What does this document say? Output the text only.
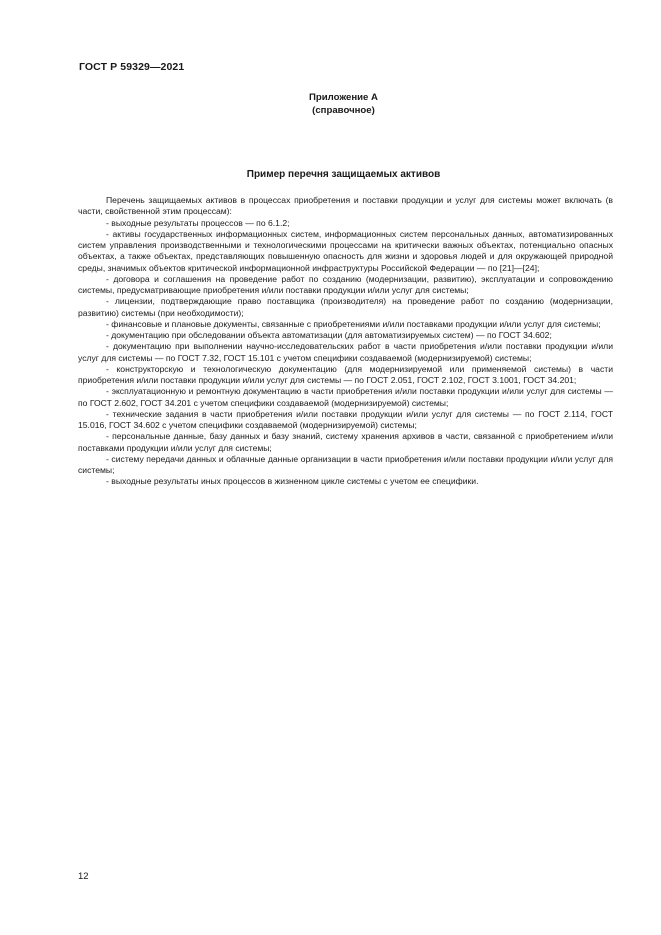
ГОСТ Р 59329—2021
Приложение А
(справочное)
Пример перечня защищаемых активов

Перечень защищаемых активов в процессах приобретения и поставки продукции и услуг для системы может включать (в части, свойственной этим процессам):

- выходные результаты процессов — по 6.1.2;

- активы государственных информационных систем, информационных систем персональных данных, автоматизированных систем управления производственными и технологическими процессами на критически важных объектах, потенциально опасных объектах, а также объектах, представляющих повышенную опасность для жизни и здоровья людей и для окружающей природной среды, значимых объектов критической информационной инфраструктуры Российской Федерации — по [21]—[24];

- договора и соглашения на проведение работ по созданию (модернизации, развитию), эксплуатации и сопровождению системы, предусматривающие приобретения и/или поставки продукции и/или услуг для системы;

- лицензии, подтверждающие право поставщика (производителя) на проведение работ по созданию (модернизации, развитию) системы (при необходимости);

- финансовые и плановые документы, связанные с приобретениями и/или поставками продукции и/или услуг для системы;

- документацию при обследовании объекта автоматизации (для автоматизируемых систем) — по ГОСТ 34.602;

- документацию при выполнении научно-исследовательских работ в части приобретения и/или поставки продукции и/или услуг для системы — по ГОСТ 7.32, ГОСТ 15.101 с учетом специфики создаваемой (модернизируемой) системы;

- конструкторскую и технологическую документацию (для модернизируемой или применяемой системы) в части приобретения и/или поставки продукции и/или услуг для системы — по ГОСТ 2.051, ГОСТ 2.102, ГОСТ 3.1001, ГОСТ 34.201;

- эксплуатационную и ремонтную документацию в части приобретения и/или поставки продукции и/или услуг для системы — по ГОСТ 2.602, ГОСТ 34.201 с учетом специфики создаваемой (модернизируемой) системы;

- технические задания в части приобретения и/или поставки продукции и/или услуг для системы — по ГОСТ 2.114, ГОСТ 15.016, ГОСТ 34.602 с учетом специфики создаваемой (модернизируемой) системы;

- персональные данные, базу данных и базу знаний, систему хранения архивов в части, связанной с приобретением и/или поставками продукции и/или услуг для системы;

- систему передачи данных и облачные данные организации в части приобретения и/или поставки продукции и/или услуг для системы;

- выходные результаты иных процессов в жизненном цикле системы с учетом ее специфики.

12
